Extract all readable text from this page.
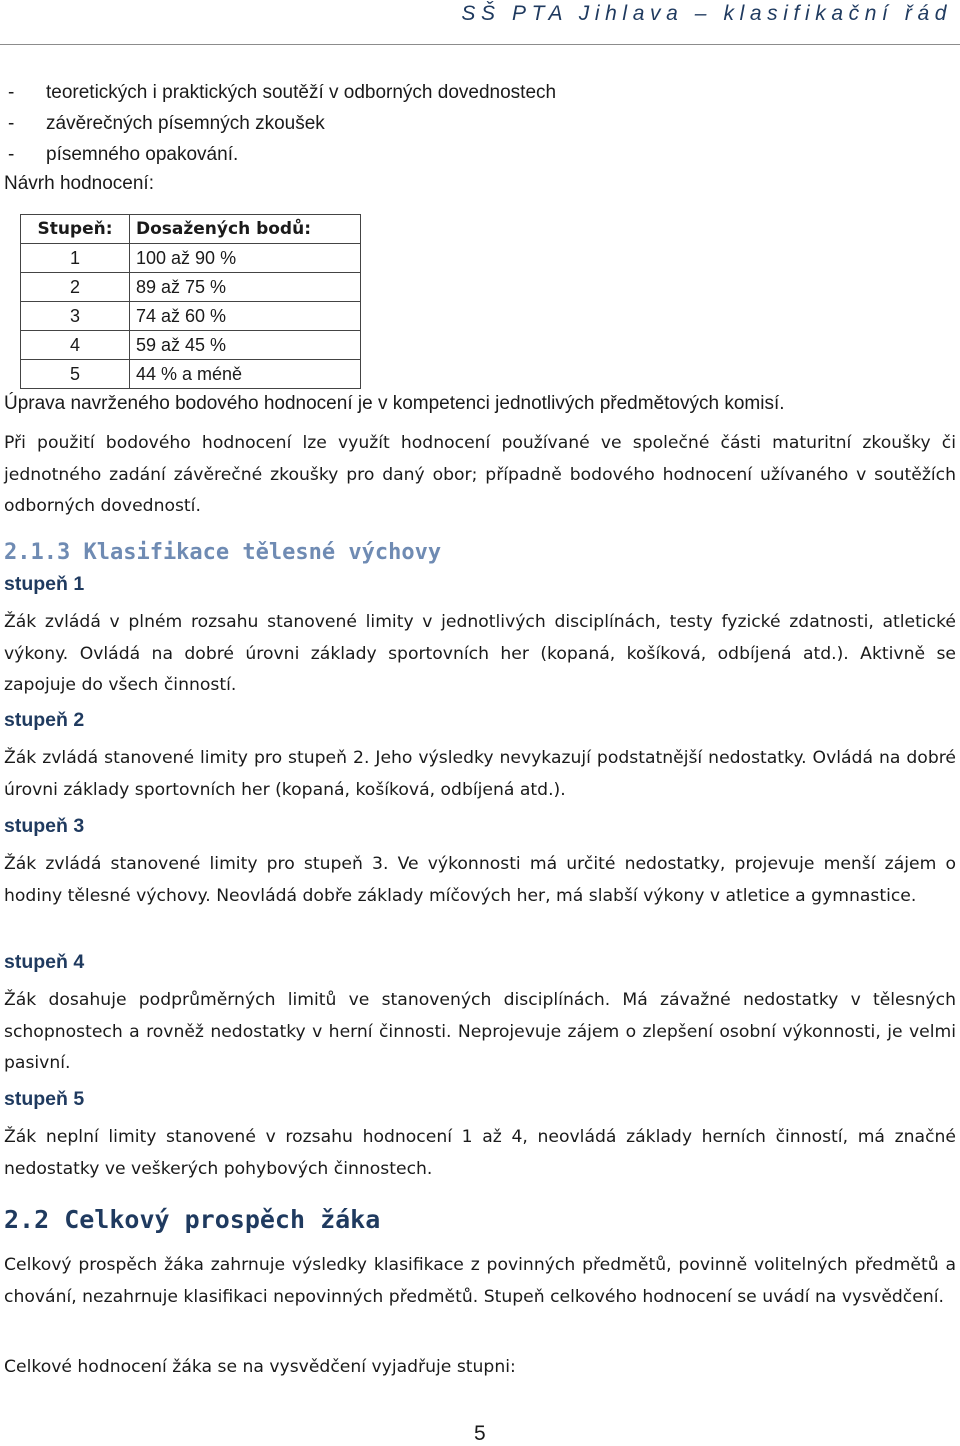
SŠ PTA Jihlava – klasifikační řád
-	teoretických i praktických soutěží v odborných dovednostech
-	závěrečných písemných zkoušek
-	písemného opakování.
Návrh hodnocení:
Stupeň:	Dosažených bodů:
1	100 až 90 %
2	89 až 75 %
3	74 až 60 %
4	59 až 45 %
5	44 % a méně
Úprava navrženého bodového hodnocení je v kompetenci jednotlivých předmětových komisí.
Při použití bodového hodnocení lze využít hodnocení používané ve společné části maturitní zkoušky či jednotného zadání závěrečné zkoušky pro daný obor; případně bodového hodnocení užívaného v soutěžích odborných dovedností.
2.1.3 Klasifikace tělesné výchovy
stupeň 1
Žák zvládá v plném rozsahu stanovené limity v jednotlivých disciplínách, testy fyzické zdatnosti, atletické výkony. Ovládá na dobré úrovni základy sportovních her (kopaná, košíková, odbíjená atd.). Aktivně se zapojuje do všech činností.
stupeň 2
Žák zvládá stanovené limity pro stupeň 2. Jeho výsledky nevykazují podstatnější nedostatky. Ovládá na dobré úrovni základy sportovních her (kopaná, košíková, odbíjená atd.).
stupeň 3
Žák zvládá stanovené limity pro stupeň 3. Ve výkonnosti má určité nedostatky, projevuje menší zájem o hodiny tělesné výchovy. Neovládá dobře základy míčových her, má slabší výkony v atletice a gymnastice.
stupeň 4
Žák dosahuje podprůměrných limitů ve stanovených disciplínách. Má závažné nedostatky v tělesných schopnostech a rovněž nedostatky v herní činnosti. Neprojevuje zájem o zlepšení osobní výkonnosti, je velmi pasivní.
stupeň 5
Žák neplní limity stanovené v rozsahu hodnocení 1 až 4, neovládá základy herních činností, má značné nedostatky ve veškerých pohybových činnostech.
2.2 Celkový prospěch žáka
Celkový prospěch žáka zahrnuje výsledky klasifikace z povinných předmětů, povinně volitelných předmětů a chování, nezahrnuje klasifikaci nepovinných předmětů. Stupeň celkového hodnocení se uvádí na vysvědčení.
Celkové hodnocení žáka se na vysvědčení vyjadřuje stupni:
5
